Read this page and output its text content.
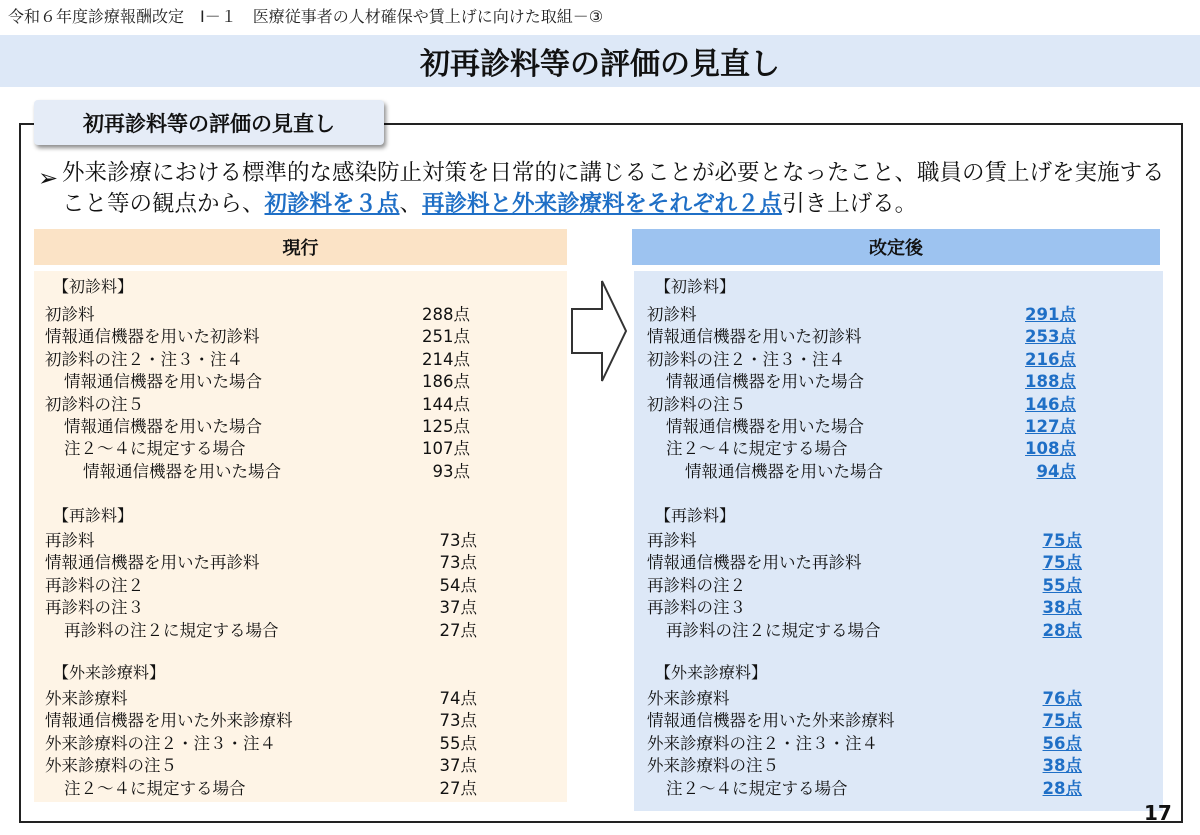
令和６年度診療報酬改定　Ⅰ－１　医療従事者の人材確保や賃上げに向けた取組－③
初再診料等の評価の見直し
初再診料等の評価の見直し
➢ 外来診療における標準的な感染防止対策を日常的に講じることが必要となったこと、職員の賃上げを実施すること等の観点から、初診料を３点、再診料と外来診療料をそれぞれ２点引き上げる。
現行	改定後
【初診料】
初診料	288点
情報通信機器を用いた初診料	251点
初診料の注２・注３・注４	214点
情報通信機器を用いた場合	186点
初診料の注５	144点
情報通信機器を用いた場合	125点
注２～４に規定する場合	107点
情報通信機器を用いた場合	93点
【再診料】
再診料	73点
情報通信機器を用いた再診料	73点
再診料の注２	54点
再診料の注３	37点
再診料の注２に規定する場合	27点
【外来診療料】
外来診療料	74点
情報通信機器を用いた外来診療料	73点
外来診療料の注２・注３・注４	55点
外来診療料の注５	37点
注２～４に規定する場合	27点
【初診料】
初診料	291点
情報通信機器を用いた初診料	253点
初診料の注２・注３・注４	216点
情報通信機器を用いた場合	188点
初診料の注５	146点
情報通信機器を用いた場合	127点
注２～４に規定する場合	108点
情報通信機器を用いた場合	94点
【再診料】
再診料	75点
情報通信機器を用いた再診料	75点
再診料の注２	55点
再診料の注３	38点
再診料の注２に規定する場合	28点
【外来診療料】
外来診療料	76点
情報通信機器を用いた外来診療料	75点
外来診療料の注２・注３・注４	56点
外来診療料の注５	38点
注２～４に規定する場合	28点
17
